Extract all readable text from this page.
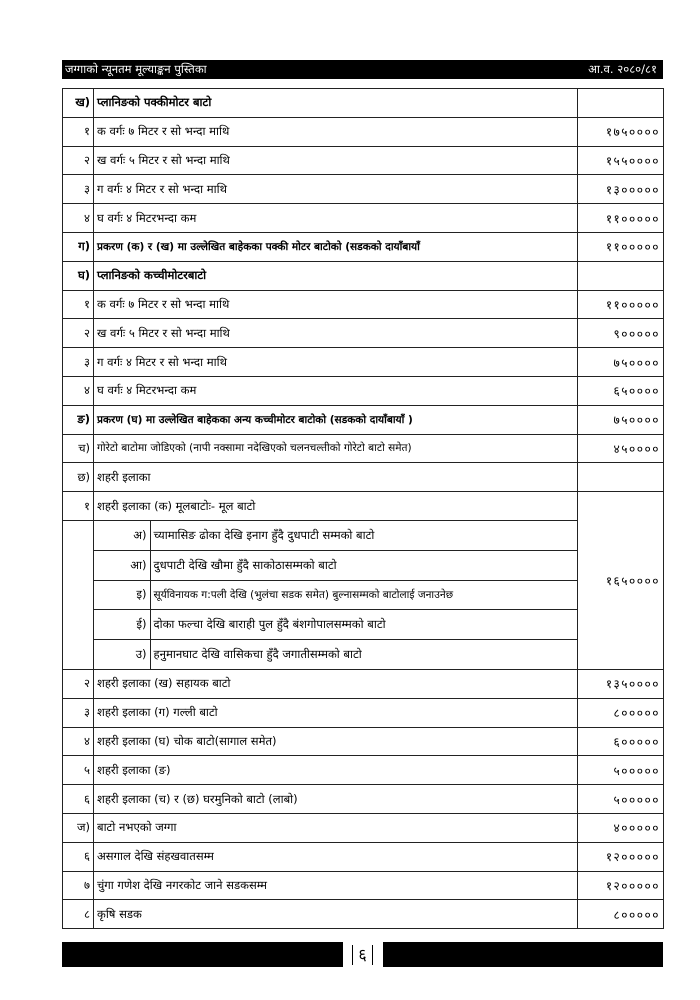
जग्गाको न्यूनतम मूल्याङ्कन पुस्तिका	आ.व. २०८०/८१
ख)	प्लानिङको पक्कीमोटर बाटो	
१	क वर्गः ७ मिटर र सो भन्दा माथि	१७५००००
२	ख वर्गः ५ मिटर र सो भन्दा माथि	१५५००००
३	ग वर्गः ४ मिटर र सो भन्दा माथि	१३०००००
४	घ वर्गः ४ मिटरभन्दा कम	११०००००
ग)	प्रकरण (क) र (ख) मा उल्लेखित बाहेकका पक्की मोटर बाटोको (सडकको दायाँबायाँ	११०००००
घ)	प्लानिङको कच्चीमोटरबाटो	
१	क वर्गः ७ मिटर र सो भन्दा माथि	११०००००
२	ख वर्गः ५ मिटर र सो भन्दा माथि	९०००००
३	ग वर्गः ४ मिटर र सो भन्दा माथि	७५००००
४	घ वर्गः ४ मिटरभन्दा कम	६५००००
ङ)	प्रकरण (घ) मा उल्लेखित बाहेकका अन्य कच्चीमोटर बाटोको (सडकको दायाँबायाँ )	७५००००
च)	गोरेटो बाटोमा जोडिएको (नापी नक्सामा नदेखिएको चलनचल्तीको गोरेटो बाटो समेत)	४५००००
छ)	शहरी इलाका	
१	शहरी इलाका (क) मूलबाटोः- मूल बाटो	१६५००००

अ)	च्यामासिङ ढोका देखि इनाग हुँदै दुधपाटी सम्मको बाटो

आ)	दुधपाटी देखि खौमा हुँदै साकोठासम्मको बाटो

इ)	सूर्यविनायक ग:पली देखि (भुलंचा सडक समेत) बुल्नासम्मको बाटोलाई जनाउनेछ

ई)	दोका फल्चा देखि बाराही पुल हुँदै बंशगोपालसम्मको बाटो

उ)	हनुमानघाट देखि वासिकचा हुँदै जगातीसम्मको बाटो

२	शहरी इलाका (ख) सहायक बाटो	१३५००००
३	शहरी इलाका (ग) गल्ली बाटो	८०००००
४	शहरी इलाका (घ) चोक बाटो(सागाल समेत)	६०००००
५	शहरी इलाका (ङ)	५०००००
६	शहरी इलाका (च) र (छ) घरमुनिको बाटो (लाबो)	५०००००
ज)	बाटो नभएको जग्गा	४०००००
६	असगाल देखि संहखवातसम्म	१२०००००
७	चुंगा गणेश देखि नगरकोट जाने सडकसम्म	१२०००००
८	कृषि सडक	८०००००
६
